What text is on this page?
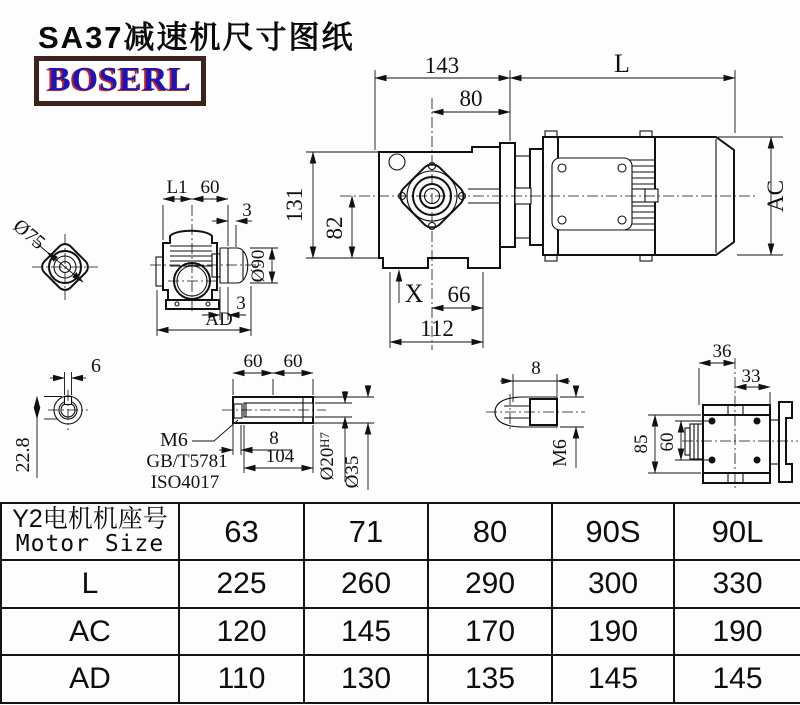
SA37减速机尺寸图纸
BOSERL	143	L
80
131
82
AC
X 66
112
Ø75
L1 60
3
3
Ø90
AD
6
22.8
60 60
8
104 Ø20
H7
Ø35
M6
GB/T5781
ISO4017
8
M6
36
33
85 60
Y2电机机座号
Motor Size	63	71	80	90S	90L
L	225	260	290	300	330
AC	120	145	170	190	190
AD	110	130	135	145	145
